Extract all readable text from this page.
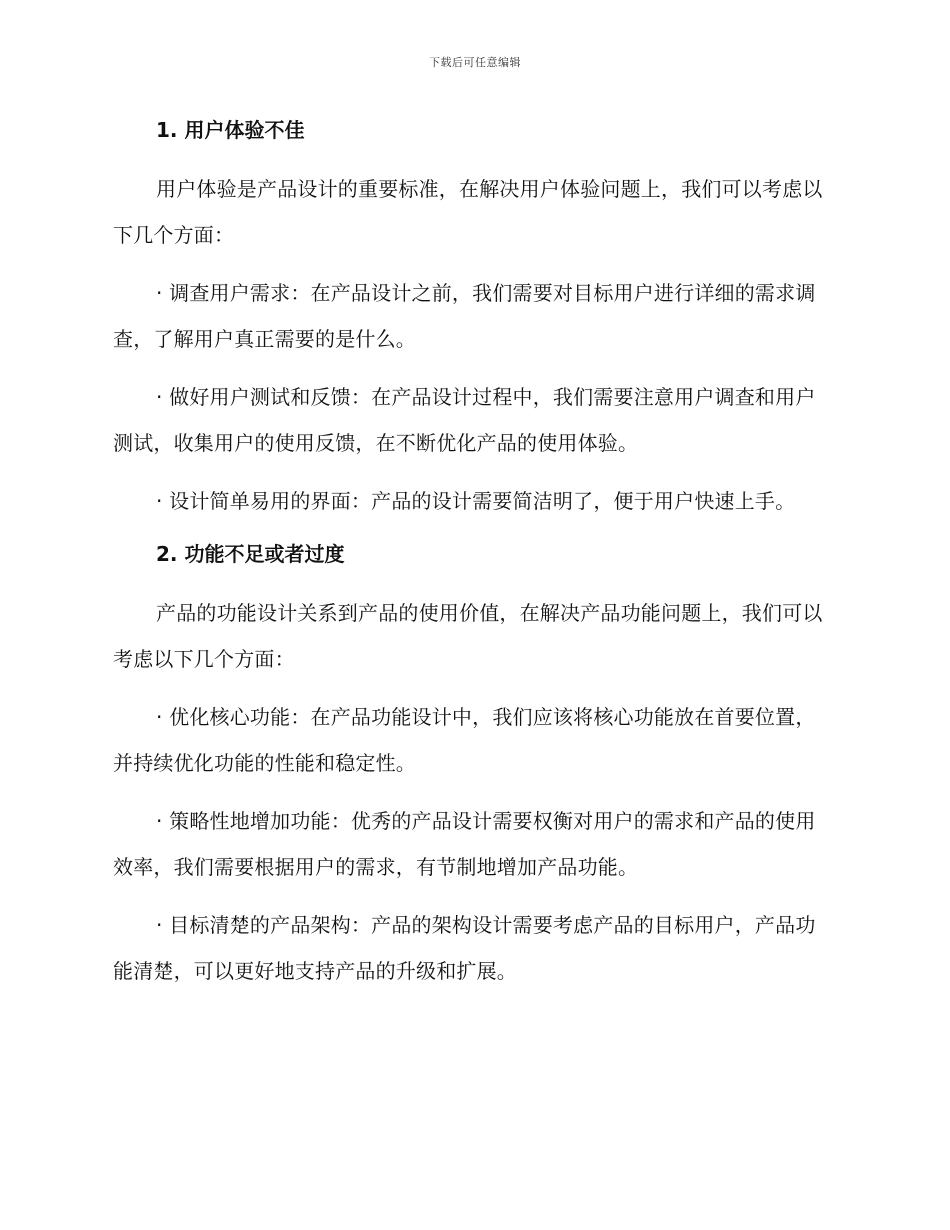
下载后可任意编辑
1. 用户体验不佳

用户体验是产品设计的重要标准，在解决用户体验问题上，我们可以考虑以下几个方面：

· 调查用户需求：在产品设计之前，我们需要对目标用户进行详细的需求调查，了解用户真正需要的是什么。

· 做好用户测试和反馈：在产品设计过程中，我们需要注意用户调查和用户测试，收集用户的使用反馈，在不断优化产品的使用体验。

· 设计简单易用的界面：产品的设计需要简洁明了，便于用户快速上手。

2. 功能不足或者过度

产品的功能设计关系到产品的使用价值，在解决产品功能问题上，我们可以考虑以下几个方面：

· 优化核心功能：在产品功能设计中，我们应该将核心功能放在首要位置，并持续优化功能的性能和稳定性。

· 策略性地增加功能：优秀的产品设计需要权衡对用户的需求和产品的使用效率，我们需要根据用户的需求，有节制地增加产品功能。

· 目标清楚的产品架构：产品的架构设计需要考虑产品的目标用户，产品功能清楚，可以更好地支持产品的升级和扩展。
